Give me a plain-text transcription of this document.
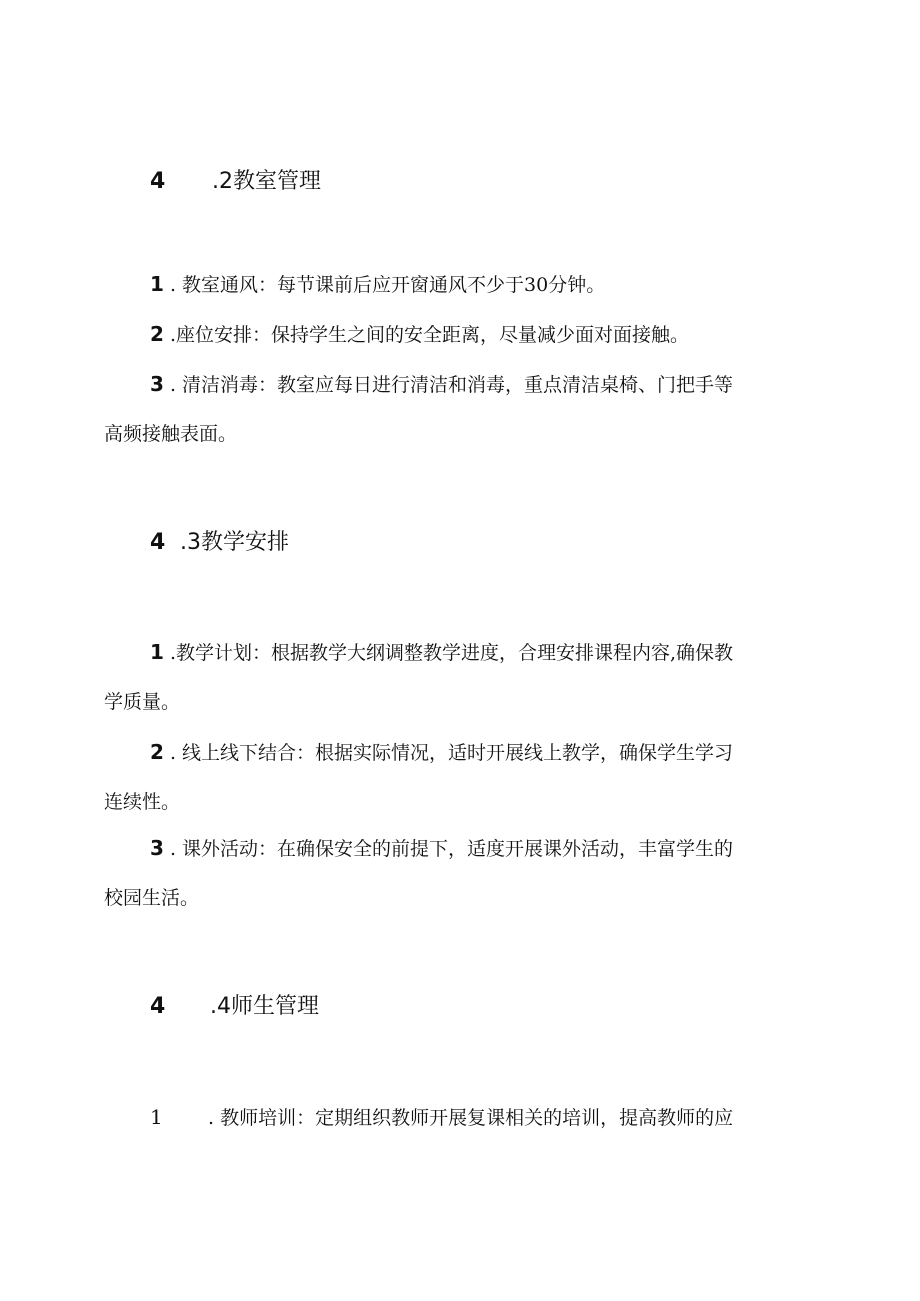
4 .2教室管理
1 . 教室通风：每节课前后应开窗通风不少于30分钟。
2 .座位安排：保持学生之间的安全距离，尽量减少面对面接触。
3 . 清洁消毒：教室应每日进行清洁和消毒，重点清洁桌椅、门把手等
高频接触表面。
4 .3教学安排
1 .教学计划：根据教学大纲调整教学进度，合理安排课程内容,确保教
学质量。
2 . 线上线下结合：根据实际情况，适时开展线上教学，确保学生学习
连续性。
3 . 课外活动：在确保安全的前提下，适度开展课外活动，丰富学生的
校园生活。
4 .4师生管理
1 . 教师培训：定期组织教师开展复课相关的培训，提高教师的应
